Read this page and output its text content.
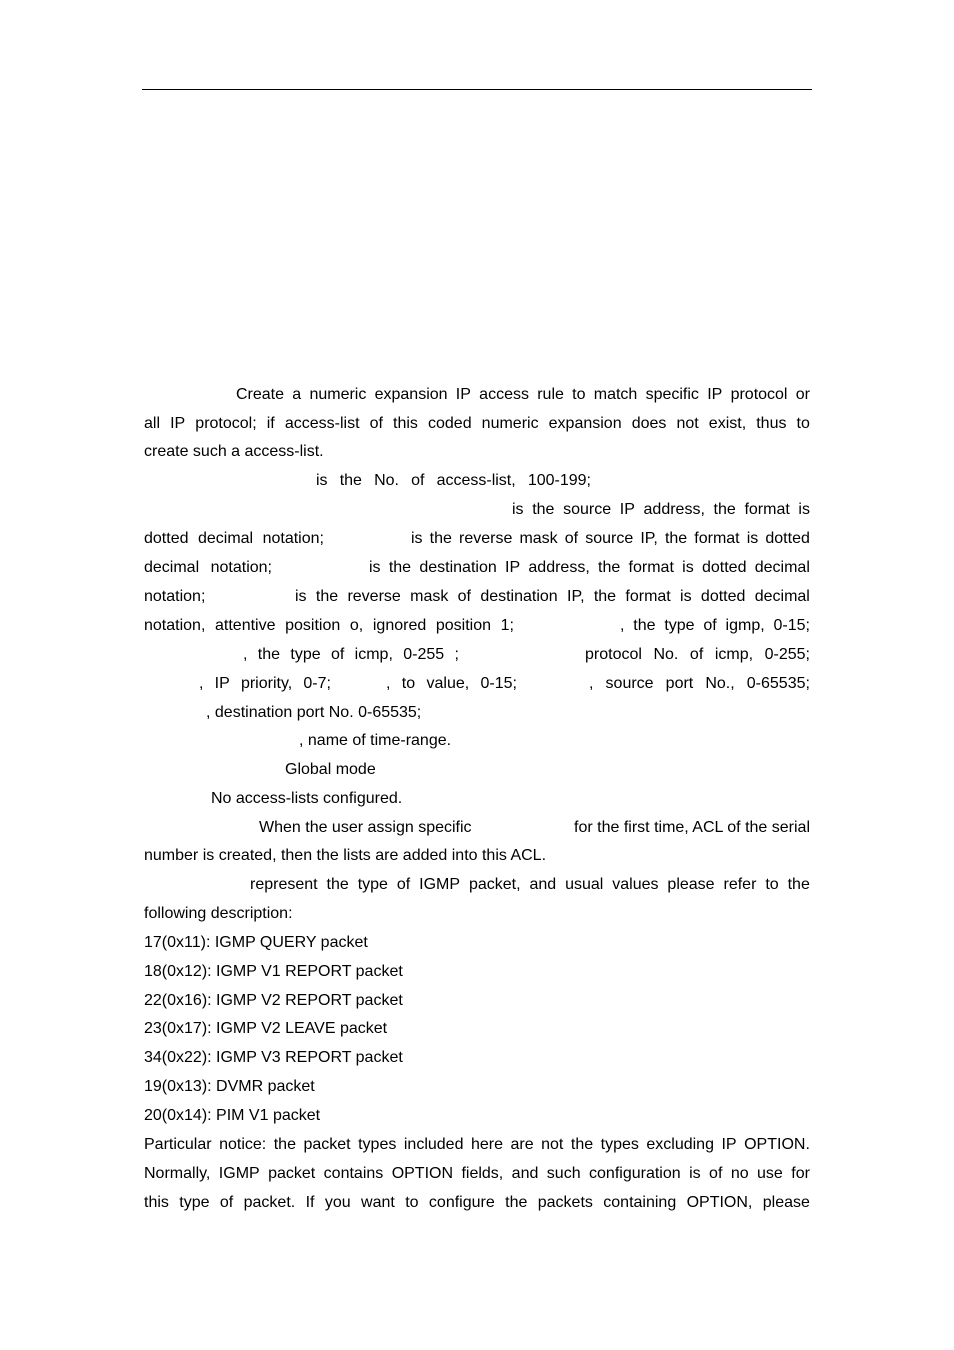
Create a numeric expansion IP access rule to match specific IP protocol or
all IP protocol; if access-list of this coded numeric expansion does not exist, thus to
create such a access-list.
is the No. of access-list, 100-199;
is the source IP address, the format is
dotted decimal notation;	is the reverse mask of source IP, the format is dotted
decimal notation;	is the destination IP address, the format is dotted decimal
notation;	is the reverse mask of destination IP, the format is dotted decimal
notation, attentive position o, ignored position 1;	, the type of igmp, 0-15;
, the type of icmp, 0-255 ;	protocol No. of icmp, 0-255;
, IP priority, 0-7;	, to value, 0-15;	, source port No., 0-65535;
, destination port No. 0-65535;
, name of time-range.
Global mode
No access-lists configured.
When the user assign specific	for the first time, ACL of the serial
number is created, then the lists are added into this ACL.
represent the type of IGMP packet, and usual values please refer to the
following description:
17(0x11): IGMP QUERY packet
18(0x12): IGMP V1 REPORT packet
22(0x16): IGMP V2 REPORT packet
23(0x17): IGMP V2 LEAVE packet
34(0x22): IGMP V3 REPORT packet
19(0x13): DVMR packet
20(0x14): PIM V1 packet
Particular notice: the packet types included here are not the types excluding IP OPTION.
Normally, IGMP packet contains OPTION fields, and such configuration is of no use for
this type of packet. If you want to configure the packets containing OPTION, please
